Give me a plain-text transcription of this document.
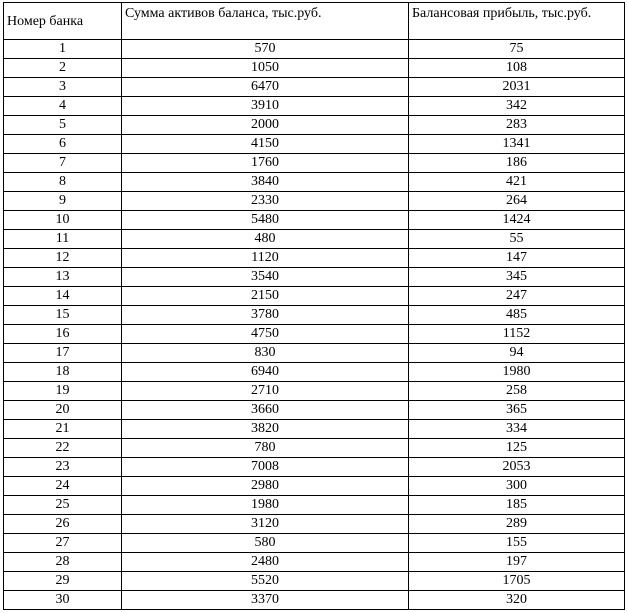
Номер банка	Сумма активов баланса, тыс.руб.	Балансовая прибыль, тыс.руб.
1	570	75
2	1050	108
3	6470	2031
4	3910	342
5	2000	283
6	4150	1341
7	1760	186
8	3840	421
9	2330	264
10	5480	1424
11	480	55
12	1120	147
13	3540	345
14	2150	247
15	3780	485
16	4750	1152
17	830	94
18	6940	1980
19	2710	258
20	3660	365
21	3820	334
22	780	125
23	7008	2053
24	2980	300
25	1980	185
26	3120	289
27	580	155
28	2480	197
29	5520	1705
30	3370	320
